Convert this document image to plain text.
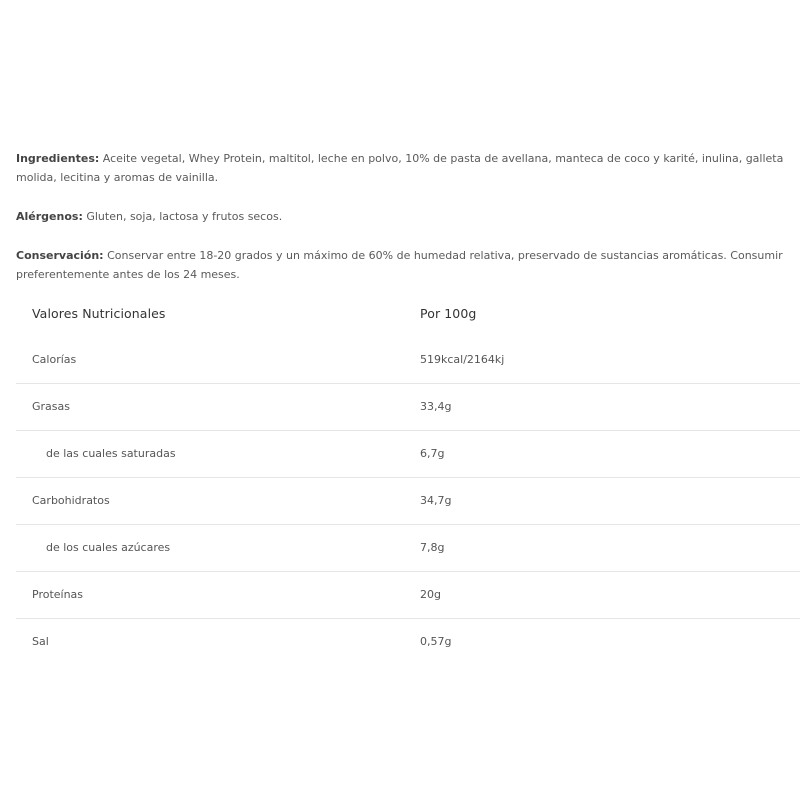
Ingredientes: Aceite vegetal, Whey Protein, maltitol, leche en polvo, 10% de pasta de avellana, manteca de coco y karité, inulina, galleta molida, lecitina y aromas de vainilla.

Alérgenos: Gluten, soja, lactosa y frutos secos.

Conservación: Conservar entre 18-20 grados y un máximo de 60% de humedad relativa, preservado de sustancias aromáticas. Consumir preferentemente antes de los 24 meses.

Valores Nutricionales	Por 100g
Calorías	519kcal/2164kj
Grasas	33,4g
de las cuales saturadas	6,7g
Carbohidratos	34,7g
de los cuales azúcares	7,8g
Proteínas	20g
Sal	0,57g
